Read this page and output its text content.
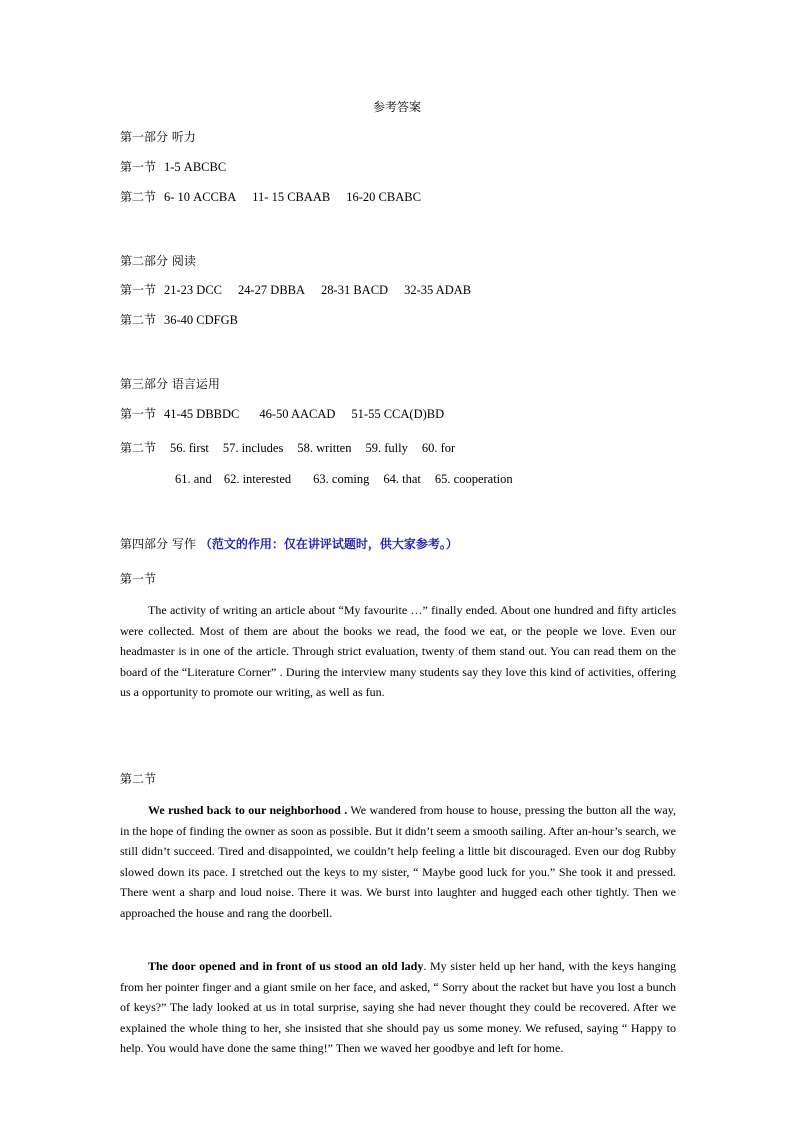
参考答案
第一部分 听力
第一节 1-5 ABCBC
第二节 6- 10 ACCBA 11- 15 CBAAB 16-20 CBABC
第二部分 阅读
第一节 21-23 DCC 24-27 DBBA 28-31 BACD 32-35 ADAB
第二节 36-40 CDFGB
第三部分 语言运用
第一节 41-45 DBBDC 46-50 AACAD 51-55 CCA(D)BD
第二节 56. first 57. includes 58. written 59. fully 60. for
61. and 62. interested 63. coming 64. that 65. cooperation
第四部分 写作 （范文的作用：仅在讲评试题时，供大家参考。）
第一节
The activity of writing an article about “My favourite …” finally ended. About one hundred and fifty articles were collected. Most of them are about the books we read, the food we eat, or the people we love. Even our headmaster is in one of the article. Through strict evaluation, twenty of them stand out. You can read them on the board of the “Literature Corner” . During the interview many students say they love this kind of activities, offering us a opportunity to promote our writing, as well as fun.
第二节
We rushed back to our neighborhood . We wandered from house to house, pressing the button all the way, in the hope of finding the owner as soon as possible. But it didn’t seem a smooth sailing. After an-hour’s search, we still didn’t succeed. Tired and disappointed, we couldn’t help feeling a little bit discouraged. Even our dog Rubby slowed down its pace. I stretched out the keys to my sister, “ Maybe good luck for you.” She took it and pressed. There went a sharp and loud noise. There it was. We burst into laughter and hugged each other tightly. Then we approached the house and rang the doorbell.
The door opened and in front of us stood an old lady. My sister held up her hand, with the keys hanging from her pointer finger and a giant smile on her face, and asked, “ Sorry about the racket but have you lost a bunch of keys?” The lady looked at us in total surprise, saying she had never thought they could be recovered. After we explained the whole thing to her, she insisted that she should pay us some money. We refused, saying “ Happy to help. You would have done the same thing!” Then we waved her goodbye and left for home.
